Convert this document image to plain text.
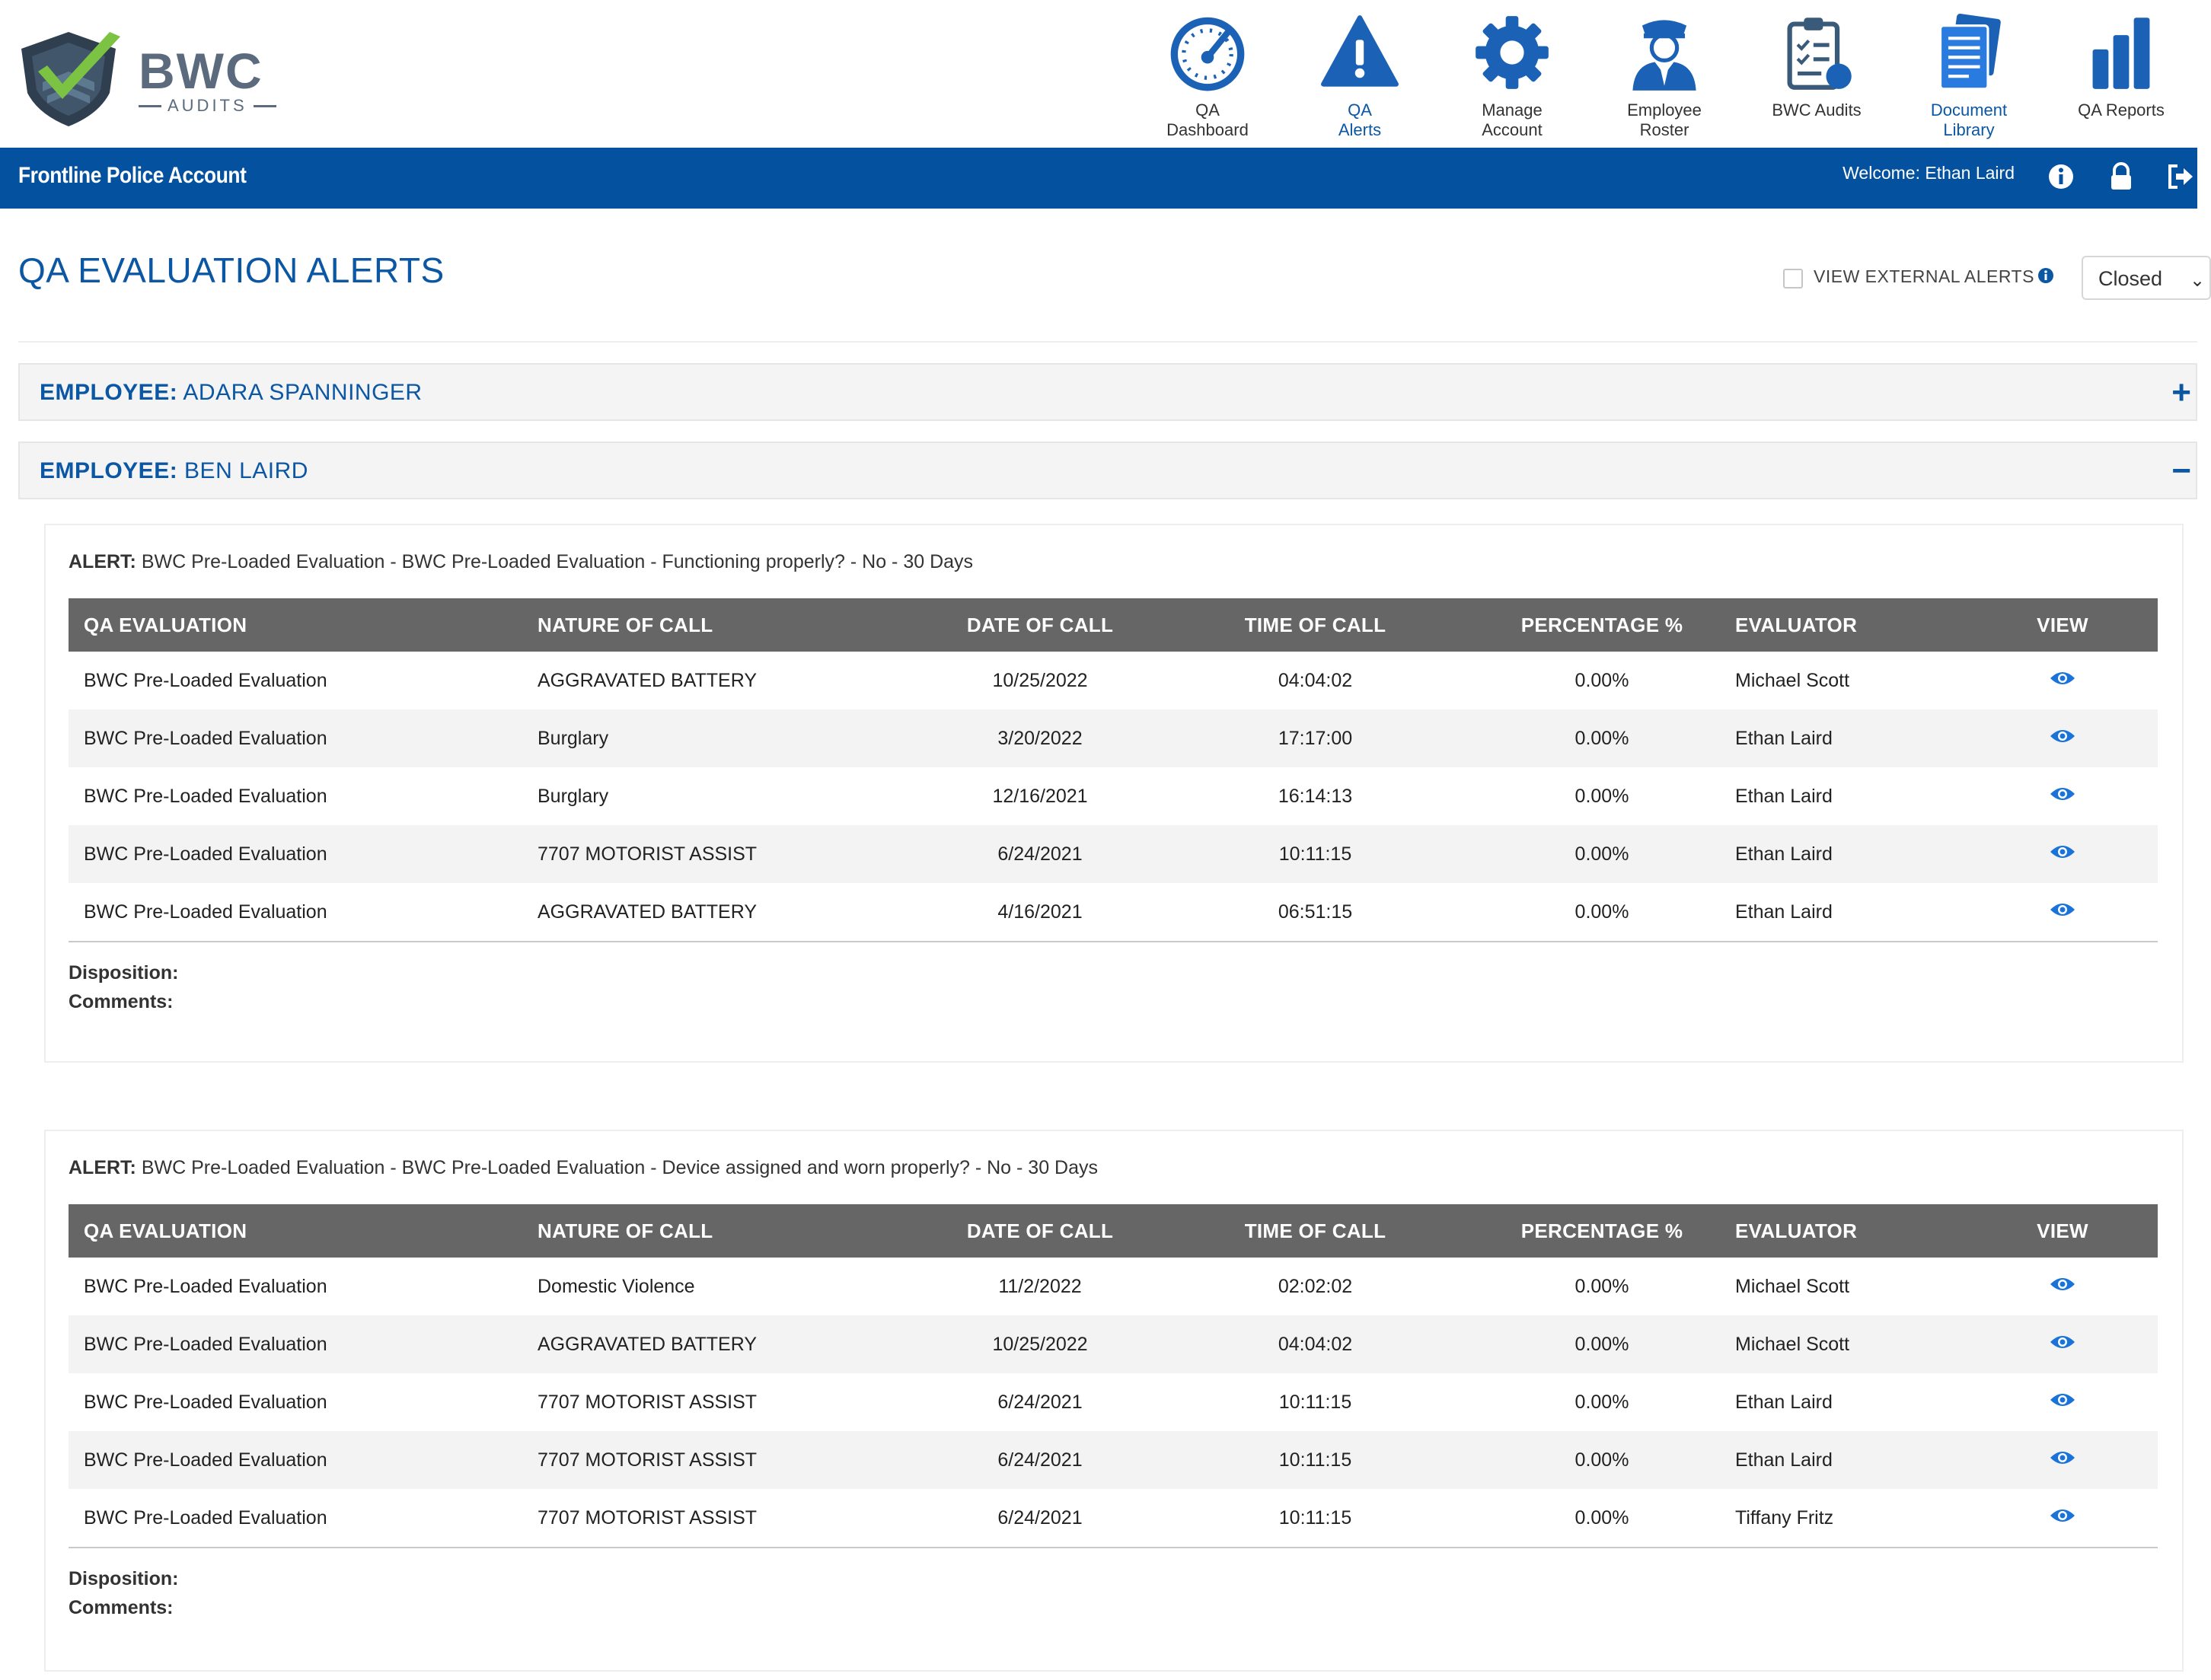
BWC
AUDITS	QA
Dashboard
QA
Alerts
Manage
Account
Employee
Roster
BWC Audits	Document
Library
QA Reports
Frontline Police Account	Welcome: Ethan Laird
QA EVALUATION ALERTS	VIEW EXTERNAL ALERTS	Closed ⌄
EMPLOYEE: ADARA SPANNINGER	+
EMPLOYEE: BEN LAIRD	−
ALERT: BWC Pre-Loaded Evaluation - BWC Pre-Loaded Evaluation - Functioning properly? - No - 30 Days
QA EVALUATION	NATURE OF CALL	DATE OF CALL	TIME OF CALL	PERCENTAGE %	EVALUATOR	VIEW
BWC Pre-Loaded Evaluation	AGGRAVATED BATTERY	10/25/2022	04:04:02	0.00%	Michael Scott	
BWC Pre-Loaded Evaluation	Burglary	3/20/2022	17:17:00	0.00%	Ethan Laird	
BWC Pre-Loaded Evaluation	Burglary	12/16/2021	16:14:13	0.00%	Ethan Laird	
BWC Pre-Loaded Evaluation	7707 MOTORIST ASSIST	6/24/2021	10:11:15	0.00%	Ethan Laird	
BWC Pre-Loaded Evaluation	AGGRAVATED BATTERY	4/16/2021	06:51:15	0.00%	Ethan Laird	
Disposition:
Comments:
ALERT: BWC Pre-Loaded Evaluation - BWC Pre-Loaded Evaluation - Device assigned and worn properly? - No - 30 Days
QA EVALUATION	NATURE OF CALL	DATE OF CALL	TIME OF CALL	PERCENTAGE %	EVALUATOR	VIEW
BWC Pre-Loaded Evaluation	Domestic Violence	11/2/2022	02:02:02	0.00%	Michael Scott	
BWC Pre-Loaded Evaluation	AGGRAVATED BATTERY	10/25/2022	04:04:02	0.00%	Michael Scott	
BWC Pre-Loaded Evaluation	7707 MOTORIST ASSIST	6/24/2021	10:11:15	0.00%	Ethan Laird	
BWC Pre-Loaded Evaluation	7707 MOTORIST ASSIST	6/24/2021	10:11:15	0.00%	Ethan Laird	
BWC Pre-Loaded Evaluation	7707 MOTORIST ASSIST	6/24/2021	10:11:15	0.00%	Tiffany Fritz	
Disposition:
Comments:
